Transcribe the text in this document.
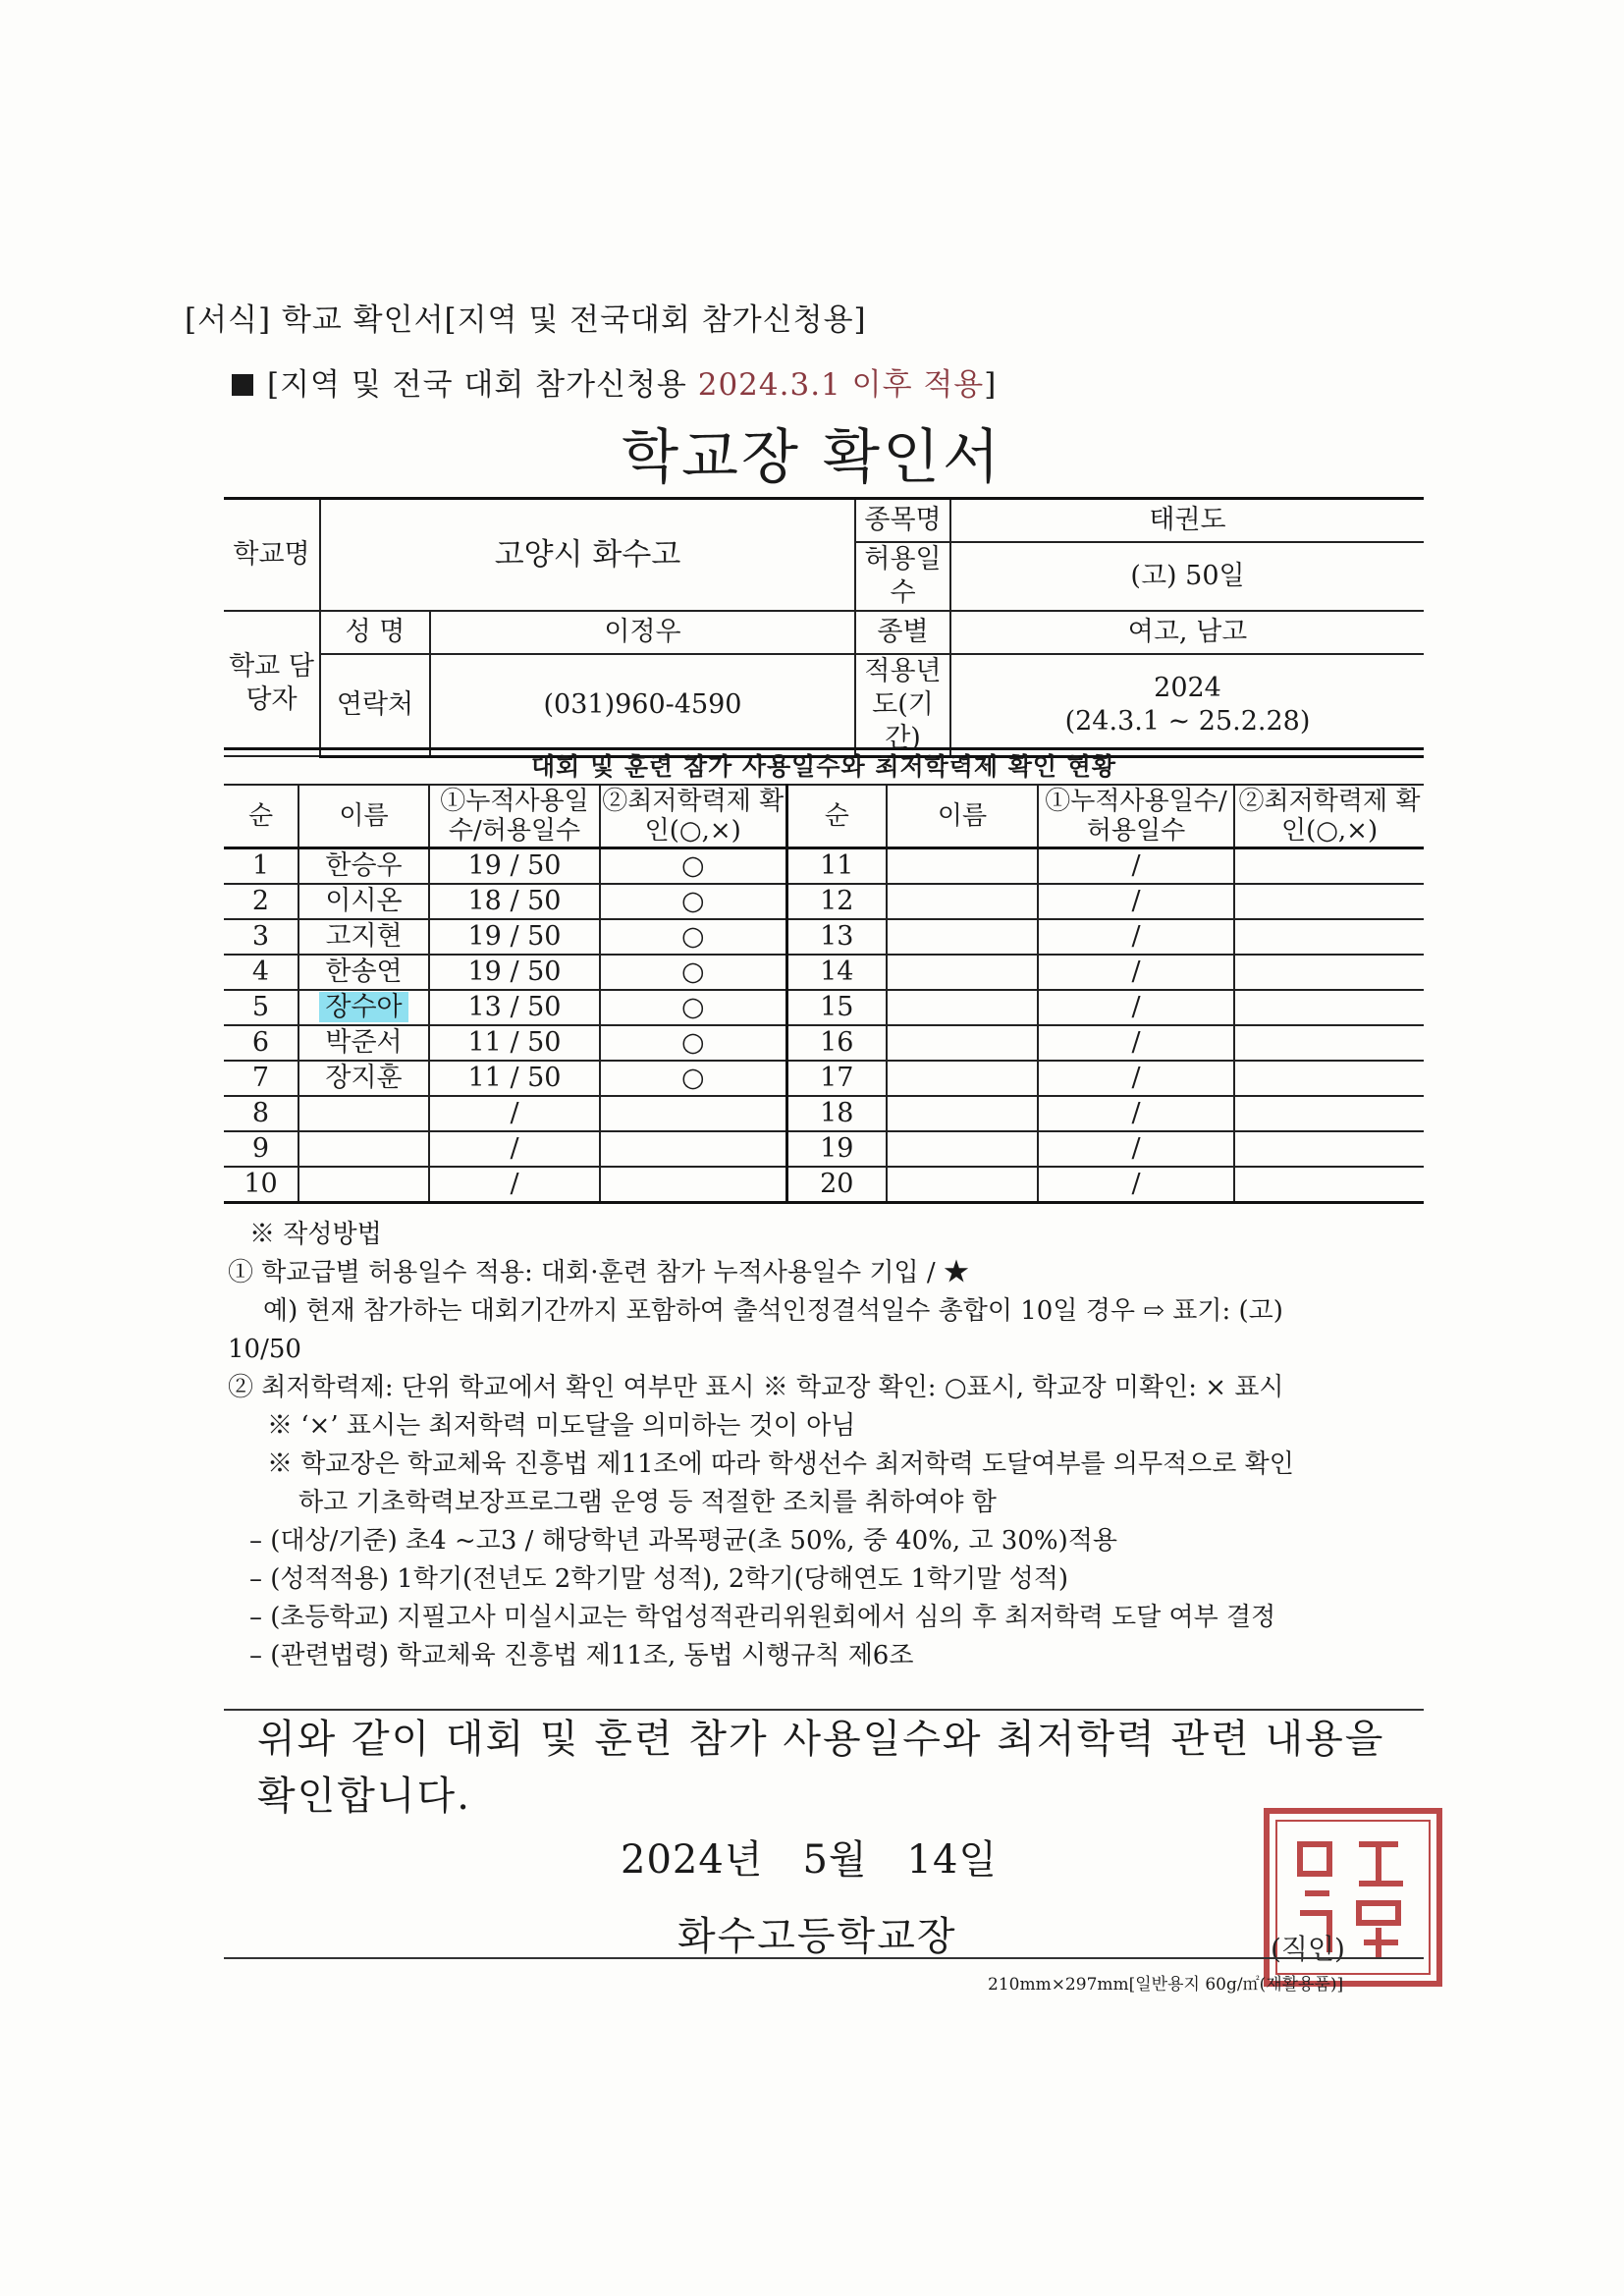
[서식] 학교 확인서[지역 및 전국대회 참가신청용]
[지역 및 전국 대회 참가신청용 2024.3.1 이후 적용]
학교장 확인서
학교명	고양시 화수고		종목명	태권도
			허용일수	(고) 50일
학교 담당자	성 명	이정우	종별	여고, 남고
	연락처	(031)960-4590	적용년도(기간)	2024
(24.3.1 ~ 25.2.28)
대회 및 훈련 참가 사용일수와 최저학력제 확인 현황							
순	이름	①누적사용일수/허용일수	②최저학력제 확인(○,×)	순	이름	①누적사용일수/허용일수	②최저학력제 확인(○,×)
1	한승우	19 / 50	○	11		/	
2	이시온	18 / 50	○	12		/	
3	고지현	19 / 50	○	13		/	
4	한송연	19 / 50	○	14		/	
5	장수아	13 / 50	○	15		/	
6	박준서	11 / 50	○	16		/	
7	장지훈	11 / 50	○	17		/	
8		/		18		/	
9		/		19		/	
10		/		20		/	
※ 작성방법
① 학교급별 허용일수 적용: 대회·훈련 참가 누적사용일수 기입 / ★
예) 현재 참가하는 대회기간까지 포함하여 출석인정결석일수 총합이 10일 경우 ⇨ 표기: (고)
10/50
② 최저학력제: 단위 학교에서 확인 여부만 표시 ※ 학교장 확인: ○표시, 학교장 미확인: × 표시
※ ‘×’ 표시는 최저학력 미도달을 의미하는 것이 아님
※ 학교장은 학교체육 진흥법 제11조에 따라 학생선수 최저학력 도달여부를 의무적으로 확인
하고 기초학력보장프로그램 운영 등 적절한 조치를 취하여야 함
– (대상/기준) 초4 ~고3 / 해당학년 과목평균(초 50%, 중 40%, 고 30%)적용
– (성적적용) 1학기(전년도 2학기말 성적), 2학기(당해연도 1학기말 성적)
– (초등학교) 지필고사 미실시교는 학업성적관리위원회에서 심의 후 최저학력 도달 여부 결정
– (관련법령) 학교체육 진흥법 제11조, 동법 시행규칙 제6조
위와 같이 대회 및 훈련 참가 사용일수와 최저학력 관련 내용을
확인합니다.
2024년 5월 14일
화수고등학교장	(직인)
210mm×297mm[일반용지 60g/㎡(재활용품)]
